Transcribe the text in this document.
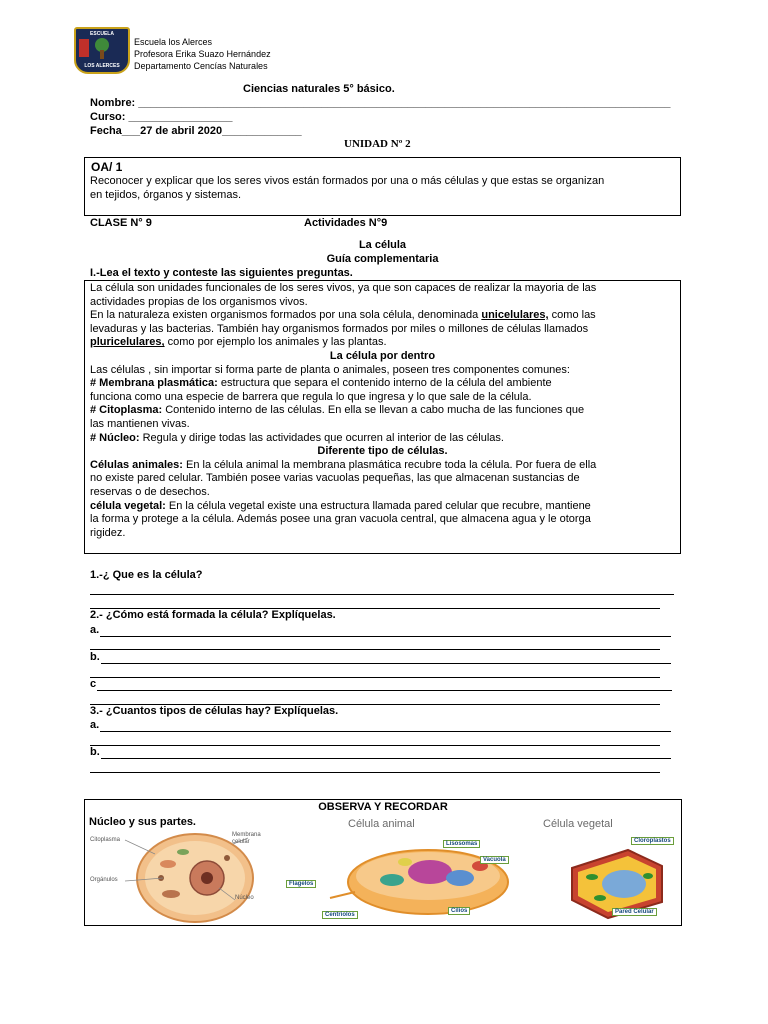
ESCUELA
LOS ALERCES
Escuela los Alerces
Profesora Erika Suazo Hernández
Departamento Cencías Naturales
Ciencias naturales 5° básico.
Nombre: _______________________________________________________________________________________
Curso: _________________
Fecha___27 de abril 2020_____________
UNIDAD Nº 2
OA/ 1
Reconocer y explicar que los seres vivos están formados por una o más células y que estas se organizan
en tejidos, órganos y sistemas.
CLASE N° 9	Actividades N°9
La célula
Guía complementaria
I.-Lea el texto y conteste las siguientes preguntas.
La célula son unidades funcionales de los seres vivos, ya que son capaces de realizar la mayoria de las
actividades propias de los organismos vivos.
En la naturaleza existen organismos formados por una sola célula, denominada unicelulares, como las
levaduras y las bacterias. También hay organismos formados por miles o millones de células llamados
pluricelulares, como por ejemplo los animales y las plantas.
La célula por dentro
Las células , sin importar si forma parte de planta o animales, poseen tres componentes comunes:
# Membrana plasmática: estructura que separa el contenido interno de la célula del ambiente
funciona como una especie de barrera que regula lo que ingresa y lo que sale de la célula.
# Citoplasma: Contenido interno de las células. En ella se llevan a cabo mucha de las funciones que
las mantienen vivas.
# Núcleo: Regula y dirige todas las actividades que ocurren al interior de las células.
Diferente tipo de células.
Células animales: En la célula animal la membrana plasmática recubre toda la célula. Por fuera de ella
no existe pared celular. También posee varias vacuolas pequeñas, las que almacenan sustancias de
reservas o de desechos.
célula vegetal: En la célula vegetal existe una estructura llamada pared celular que recubre, mantiene
la forma y protege a la célula. Además posee una gran vacuola central, que almacena agua y le otorga
rigidez.
1.-¿ Que es la célula?
2.- ¿Cómo está formada la célula? Explíquelas.
a.
b.
c
3.- ¿Cuantos tipos de células hay? Explíquelas.
a.
b.
OBSERVA Y RECORDAR
Núcleo y sus partes.
Citoplasma
Membrana
celular
Orgánulos
Núcleo
Célula animal	Célula vegetal
Lisosomas
Vacuola
Flagelos
Centriolos
Cilios
Cloroplastos
Pared Celular
